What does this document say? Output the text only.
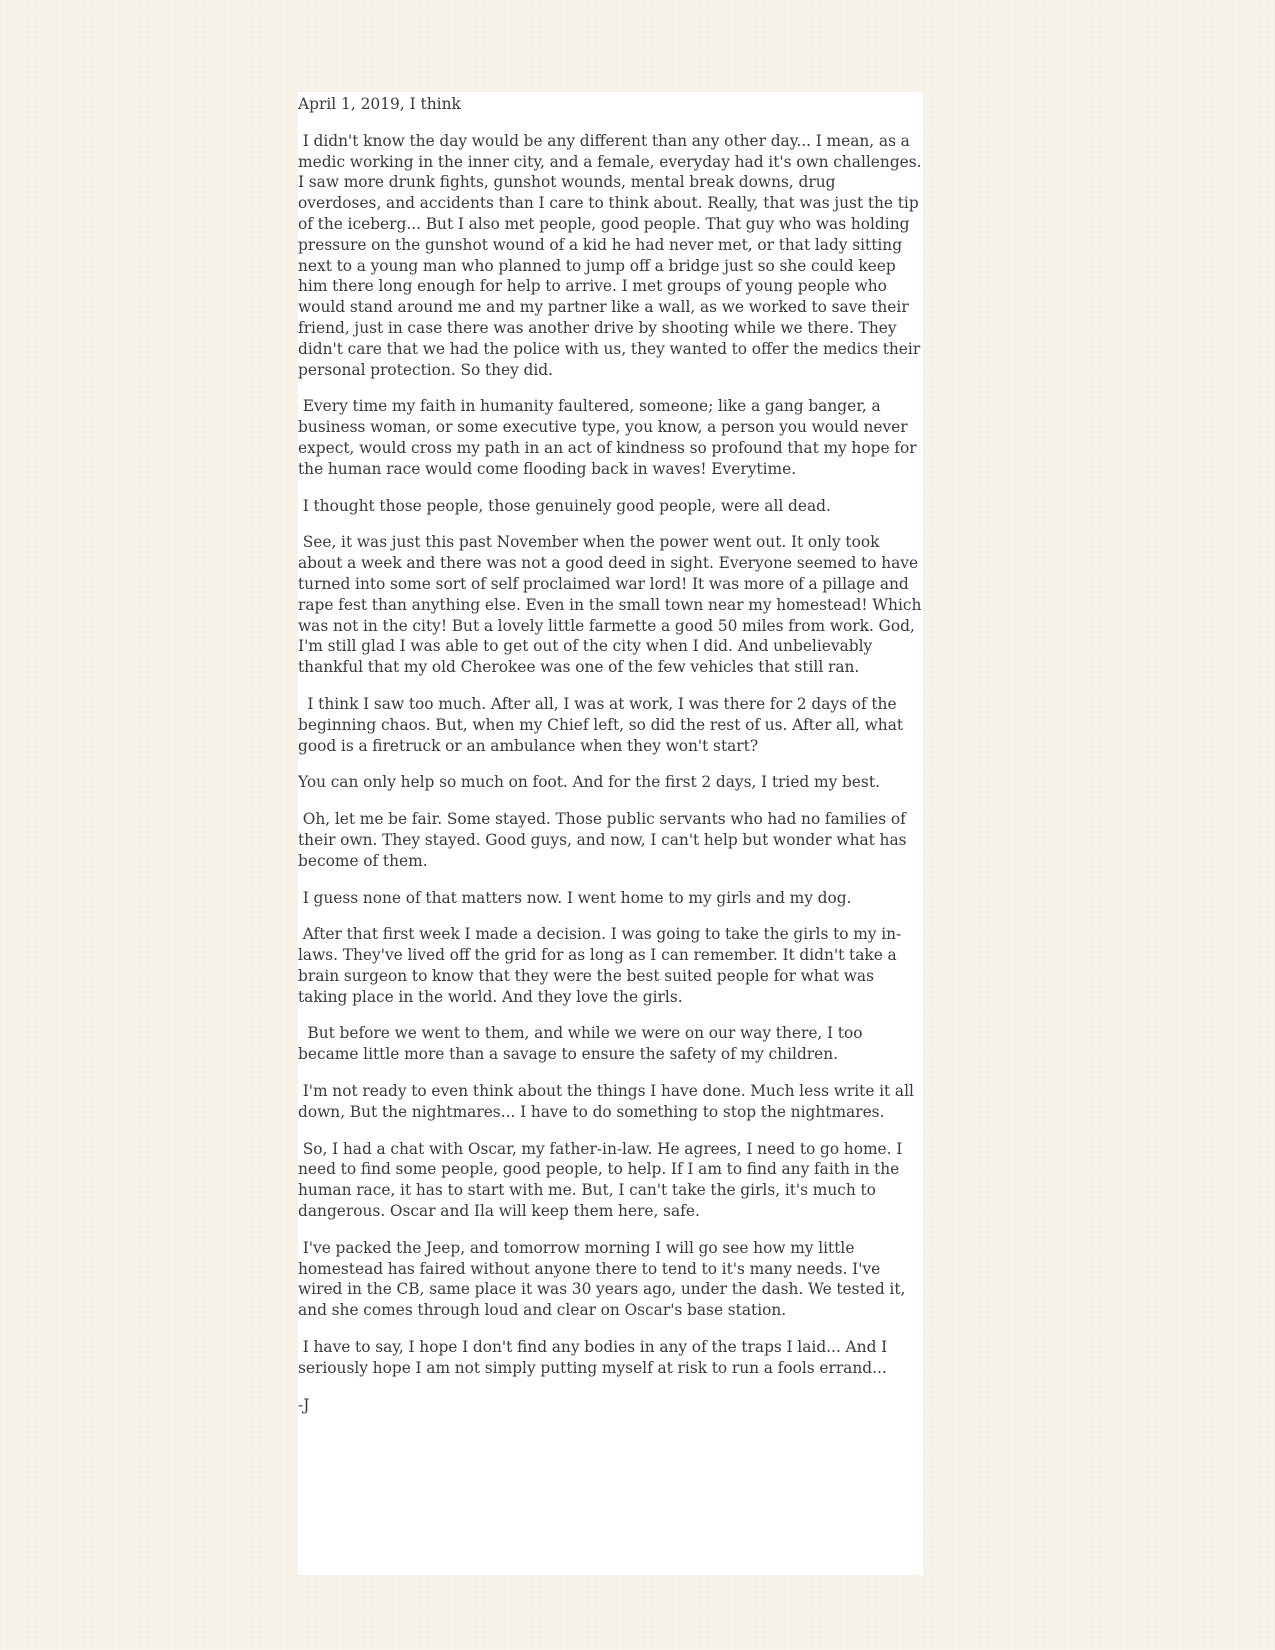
April 1, 2019, I think

I didn't know the day would be any different than any other day... I mean, as a medic working in the inner city, and a female, everyday had it's own challenges. I saw more drunk fights, gunshot wounds, mental break downs, drug overdoses, and accidents than I care to think about. Really, that was just the tip of the iceberg... But I also met people, good people. That guy who was holding pressure on the gunshot wound of a kid he had never met, or that lady sitting next to a young man who planned to jump off a bridge just so she could keep him there long enough for help to arrive. I met groups of young people who would stand around me and my partner like a wall, as we worked to save their friend, just in case there was another drive by shooting while we there. They didn't care that we had the police with us, they wanted to offer the medics their personal protection. So they did.

Every time my faith in humanity faultered, someone; like a gang banger, a business woman, or some executive type, you know, a person you would never expect, would cross my path in an act of kindness so profound that my hope for the human race would come flooding back in waves! Everytime.

I thought those people, those genuinely good people, were all dead.

See, it was just this past November when the power went out. It only took about a week and there was not a good deed in sight. Everyone seemed to have turned into some sort of self proclaimed war lord! It was more of a pillage and rape fest than anything else. Even in the small town near my homestead! Which was not in the city! But a lovely little farmette a good 50 miles from work. God, I'm still glad I was able to get out of the city when I did. And unbelievably thankful that my old Cherokee was one of the few vehicles that still ran.

I think I saw too much. After all, I was at work, I was there for 2 days of the beginning chaos. But, when my Chief left, so did the rest of us. After all, what good is a firetruck or an ambulance when they won't start?

You can only help so much on foot. And for the first 2 days, I tried my best.

Oh, let me be fair. Some stayed. Those public servants who had no families of their own. They stayed. Good guys, and now, I can't help but wonder what has become of them.

I guess none of that matters now. I went home to my girls and my dog.

After that first week I made a decision. I was going to take the girls to my in-laws. They've lived off the grid for as long as I can remember. It didn't take a brain surgeon to know that they were the best suited people for what was taking place in the world. And they love the girls.

But before we went to them, and while we were on our way there, I too became little more than a savage to ensure the safety of my children.

I'm not ready to even think about the things I have done. Much less write it all down, But the nightmares... I have to do something to stop the nightmares.

So, I had a chat with Oscar, my father-in-law. He agrees, I need to go home. I need to find some people, good people, to help. If I am to find any faith in the human race, it has to start with me. But, I can't take the girls, it's much to dangerous. Oscar and Ila will keep them here, safe.

I've packed the Jeep, and tomorrow morning I will go see how my little homestead has faired without anyone there to tend to it's many needs. I've wired in the CB, same place it was 30 years ago, under the dash. We tested it, and she comes through loud and clear on Oscar's base station.

I have to say, I hope I don't find any bodies in any of the traps I laid... And I seriously hope I am not simply putting myself at risk to run a fools errand...

-J
